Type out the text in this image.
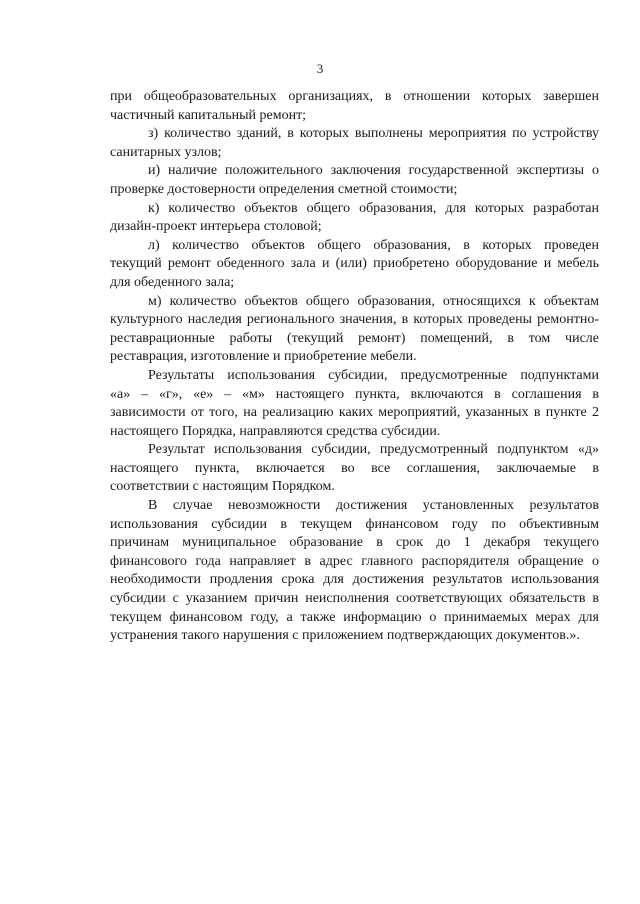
3

при общеобразовательных организациях, в отношении которых завершен
частичный капитальный ремонт;

з) количество зданий, в которых выполнены мероприятия по устройству
санитарных узлов;

и) наличие положительного заключения государственной экспертизы о
проверке достоверности определения сметной стоимости;

к) количество объектов общего образования, для которых разработан
дизайн-проект интерьера столовой;

л) количество объектов общего образования, в которых проведен
текущий ремонт обеденного зала и (или) приобретено оборудование и мебель
для обеденного зала;

м) количество объектов общего образования, относящихся к объектам
культурного наследия регионального значения, в которых проведены ремонтно-
реставрационные работы (текущий ремонт) помещений, в том числе
реставрация, изготовление и приобретение мебели.

Результаты использования субсидии, предусмотренные подпунктами
«а» – «г», «е» – «м» настоящего пункта, включаются в соглашения в
зависимости от того, на реализацию каких мероприятий, указанных в пункте 2
настоящего Порядка, направляются средства субсидии.

Результат использования субсидии, предусмотренный подпунктом «д»
настоящего пункта, включается во все соглашения, заключаемые в
соответствии с настоящим Порядком.

В случае невозможности достижения установленных результатов
использования субсидии в текущем финансовом году по объективным
причинам муниципальное образование в срок до 1 декабря текущего
финансового года направляет в адрес главного распорядителя обращение о
необходимости продления срока для достижения результатов использования
субсидии с указанием причин неисполнения соответствующих обязательств в
текущем финансовом году, а также информацию о принимаемых мерах для
устранения такого нарушения с приложением подтверждающих документов.».
